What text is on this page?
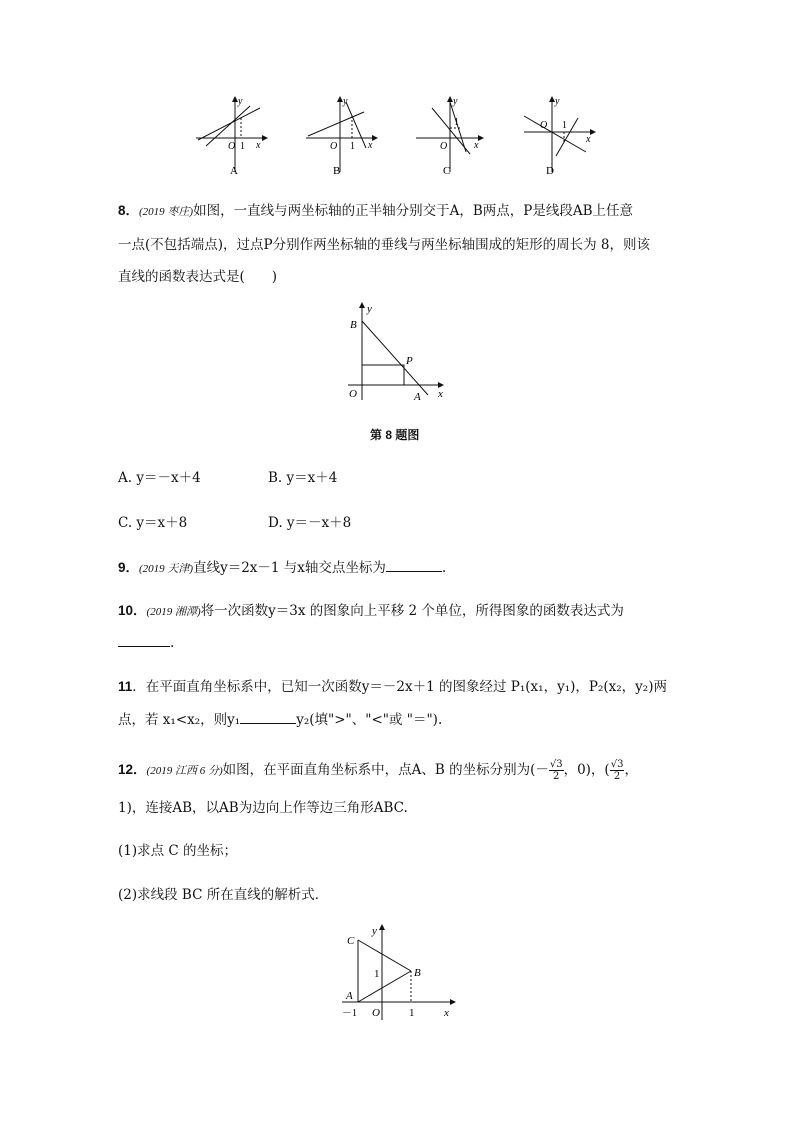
y
O 1 x
A
y
O 1 x
B
y
1
O	x
C
y
O 1
x
D
8．(2019 枣庄)如图，一直线与两坐标轴的正半轴分别交于A，B两点，P是线段AB上任意
一点(不包括端点)，过点P分别作两坐标轴的垂线与两坐标轴围成的矩形的周长为 8，则该
直线的函数表达式是(　　)
y
B
P
O	A x
第 8 题图
A. y＝－x＋4	B. y＝x＋4
C. y＝x＋8	D. y＝－x＋8
9．(2019 天津)直线y＝2x－1 与x轴交点坐标为	.
10．(2019 湘潭)将一次函数y＝3x 的图象向上平移 2 个单位，所得图象的函数表达式为
.
11．在平面直角坐标系中，已知一次函数y＝－2x＋1 的图象经过 P₁(x₁，y₁)，P₂(x₂，y₂)两
点，若 x₁<x₂，则y₁	y₂(填">"、"<"或 "＝").
12．(2019 江西 6 分)如图，在平面直角坐标系中，点A、B 的坐标分别为(－ $\frac{√3}{2}$ ，0)，( $\frac{√3}{2}$ ，
1)，连接AB，以AB为边向上作等边三角形ABC.
(1)求点 C 的坐标；
(2)求线段 BC 所在直线的解析式．
y
C
1	B
A
－1 O	1	x
